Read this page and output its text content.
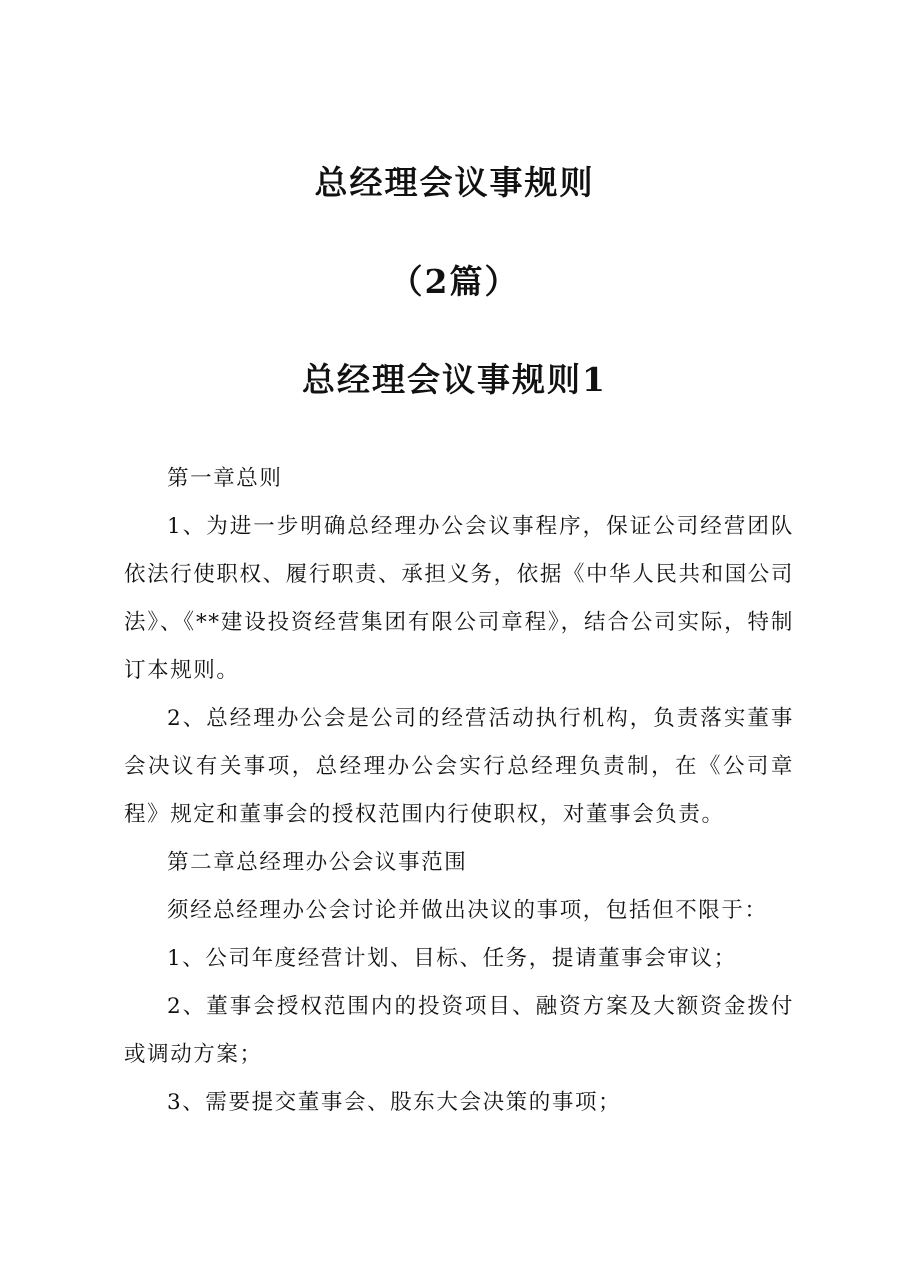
总经理会议事规则
（2篇）
总经理会议事规则1

第一章总则

1、为进一步明确总经理办公会议事程序，保证公司经营团队依法行使职权、履行职责、承担义务，依据《中华人民共和国公司法》、《**建设投资经营集团有限公司章程》，结合公司实际，特制订本规则。

2、总经理办公会是公司的经营活动执行机构，负责落实董事会决议有关事项，总经理办公会实行总经理负责制，在《公司章程》规定和董事会的授权范围内行使职权，对董事会负责。

第二章总经理办公会议事范围

须经总经理办公会讨论并做出决议的事项，包括但不限于：

1、公司年度经营计划、目标、任务，提请董事会审议；

2、董事会授权范围内的投资项目、融资方案及大额资金拨付或调动方案；

3、需要提交董事会、股东大会决策的事项；
